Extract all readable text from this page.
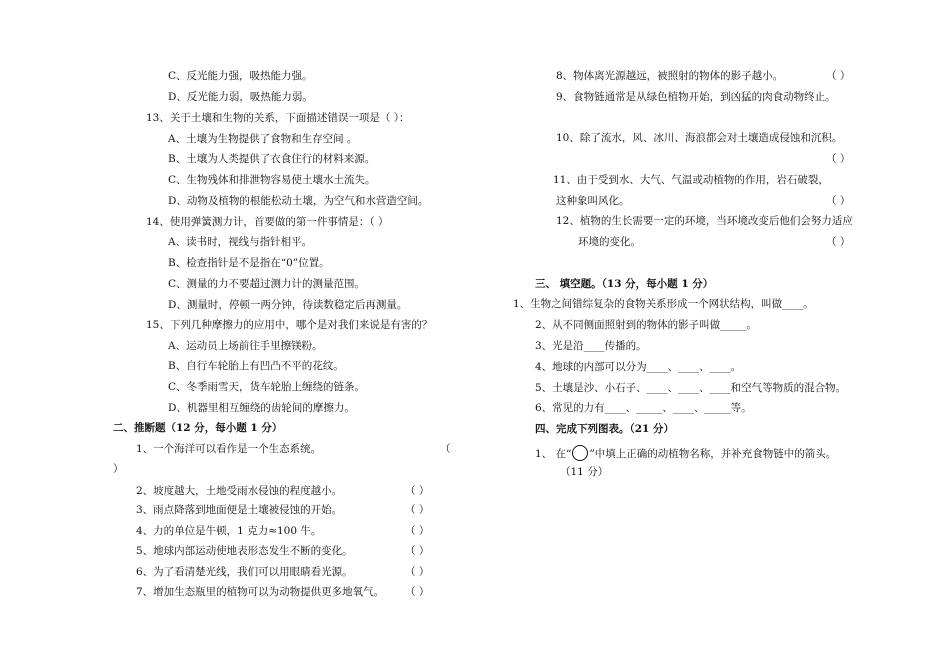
C、反光能力强，吸热能力强。
D、反光能力弱，吸热能力弱。
13、关于土壤和生物的关系，下面描述错误一项是（ ）：
A、土壤为生物提供了食物和生存空间 。
B、土壤为人类提供了衣食住行的材料来源。
C、生物残体和排泄物容易使土壤水土流失。
D、动物及植物的根能松动土壤，为空气和水营造空间。
14、使用弹簧测力计，首要做的第一件事情是：（ ）
A、读书时，视线与指针相平。
B、检查指针是不是指在“0”位置。
C、测量的力不要超过测力计的测量范围。
D、测量时，停顿一两分钟，待读数稳定后再测量。
15、下列几种摩擦力的应用中，哪个是对我们来说是有害的？
A、运动员上场前往手里擦镁粉。
B、自行车轮胎上有凹凸不平的花纹。
C、冬季雨雪天，货车轮胎上缠绕的链条。
D、机器里相互缠绕的齿轮间的摩擦力。
二、推断题（12 分，每小题 1 分）
1、一个海洋可以看作是一个生态系统。	（
）
2、坡度越大，土地受雨水侵蚀的程度越小。	（ ）
3、雨点降落到地面便是土壤被侵蚀的开始。	（ ）
4、力的单位是牛顿，1 克力≈100 牛。	（ ）
5、地球内部运动使地表形态发生不断的变化。	（ ）
6、为了看清楚光线，我们可以用眼睛看光源。	（ ）
7、增加生态瓶里的植物可以为动物提供更多地氧气。 （ ）
8、物体离光源越远，被照射的物体的影子越小。	（ ）
9、食物链通常是从绿色植物开始，到凶猛的肉食动物终止。
10、除了流水，风、冰川、海浪都会对土壤造成侵蚀和沉积。
（ ）
11、由于受到水、大气、气温或动植物的作用，岩石破裂，
这种象叫风化。	（ ）
12、植物的生长需要一定的环境，当环境改变后他们会努力适应
环境的变化。	（ ）
三、 填空题。（13 分，每小题 1 分）
1、生物之间错综复杂的食物关系形成一个网状结构，叫做____。
2、从不同侧面照射到的物体的影子叫做_____。
3、光是沿____传播的。
4、地球的内部可以分为____、____、____。
5、土壤是沙、小石子、____、____、____和空气等物质的混合物。
6、常见的力有____、_____、____、_____等。
四、完成下列图表。（21 分）
1、 在“ ”中填上正确的动植物名称，并补充食物链中的箭头。
（11 分）
